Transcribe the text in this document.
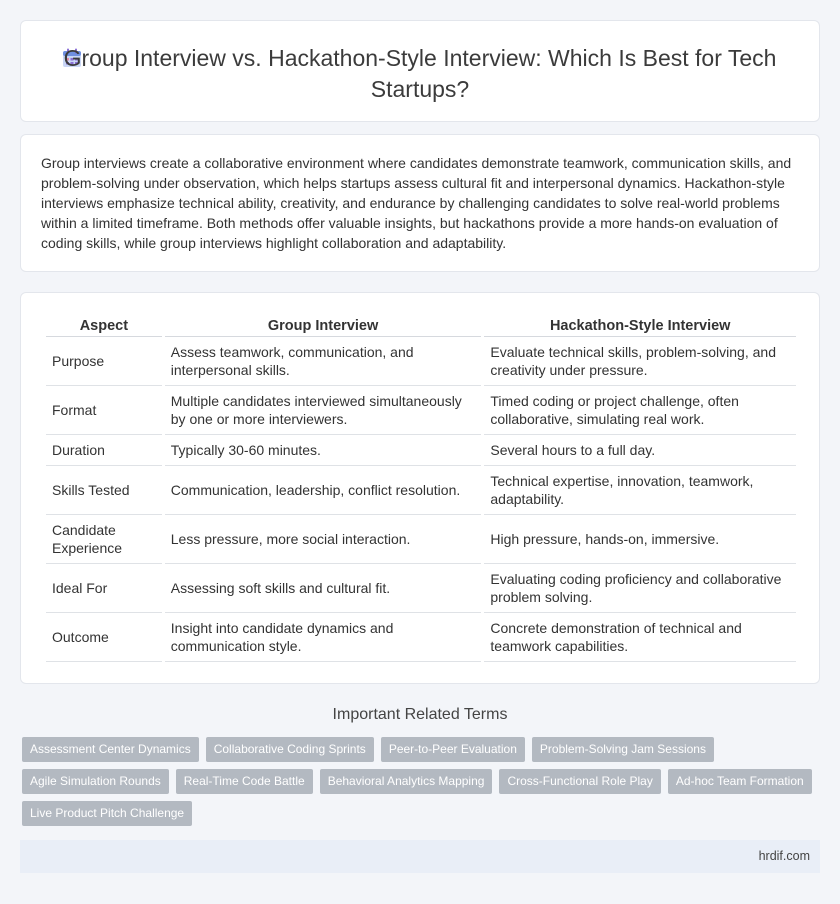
Group Interview vs. Hackathon-Style Interview: Which Is Best for Tech Startups?

Group interviews create a collaborative environment where candidates demonstrate teamwork, communication skills, and problem-solving under observation, which helps startups assess cultural fit and interpersonal dynamics. Hackathon-style interviews emphasize technical ability, creativity, and endurance by challenging candidates to solve real-world problems within a limited timeframe. Both methods offer valuable insights, but hackathons provide a more hands-on evaluation of coding skills, while group interviews highlight collaboration and adaptability.

Aspect	Group Interview	Hackathon-Style Interview
Purpose	Assess teamwork, communication, and interpersonal skills.	Evaluate technical skills, problem-solving, and creativity under pressure.
Format	Multiple candidates interviewed simultaneously by one or more interviewers.	Timed coding or project challenge, often collaborative, simulating real work.
Duration	Typically 30-60 minutes.	Several hours to a full day.
Skills Tested	Communication, leadership, conflict resolution.	Technical expertise, innovation, teamwork, adaptability.
Candidate Experience	Less pressure, more social interaction.	High pressure, hands-on, immersive.
Ideal For	Assessing soft skills and cultural fit.	Evaluating coding proficiency and collaborative problem solving.
Outcome	Insight into candidate dynamics and communication style.	Concrete demonstration of technical and teamwork capabilities.
Important Related Terms
Assessment Center Dynamics	Collaborative Coding Sprints	Peer-to-Peer Evaluation	Problem-Solving Jam Sessions
Agile Simulation Rounds	Real-Time Code Battle	Behavioral Analytics Mapping	Cross-Functional Role Play	Ad-hoc Team Formation
Live Product Pitch Challenge
hrdif.com
